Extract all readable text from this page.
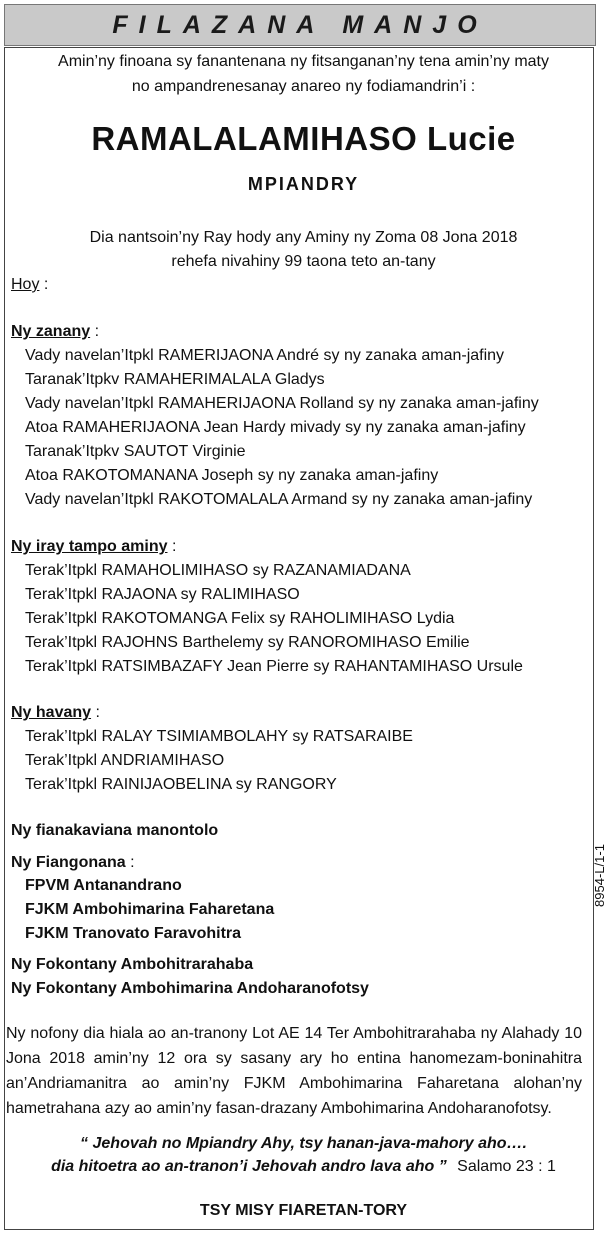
FILAZANA MANJO
Amin’ny finoana sy fanantenana ny fitsanganan’ny tena amin’ny maty
no ampandrenesanay anareo ny fodiamandrin’i :
RAMALALAMIHASO Lucie
MPIANDRY
Dia nantsoin’ny Ray hody any Aminy ny Zoma 08 Jona 2018
rehefa nivahiny 99 taona teto an-tany
Hoy :
Ny zanany :
Vady navelan’Itpkl RAMERIJAONA André sy ny zanaka aman-jafiny
Taranak’Itpkv RAMAHERIMALALA Gladys
Vady navelan’Itpkl RAMAHERIJAONA Rolland sy ny zanaka aman-jafiny
Atoa RAMAHERIJAONA Jean Hardy mivady sy ny zanaka aman-jafiny
Taranak’Itpkv SAUTOT Virginie
Atoa RAKOTOMANANA Joseph sy ny zanaka aman-jafiny
Vady navelan’Itpkl RAKOTOMALALA Armand sy ny zanaka aman-jafiny
Ny iray tampo aminy :
Terak’Itpkl RAMAHOLIMIHASO sy RAZANAMIADANA
Terak’Itpkl RAJAONA sy RALIMIHASO
Terak’Itpkl RAKOTOMANGA Felix sy RAHOLIMIHASO Lydia
Terak’Itpkl RAJOHNS Barthelemy sy RANOROMIHASO Emilie
Terak’Itpkl RATSIMBAZAFY Jean Pierre sy RAHANTAMIHASO Ursule
Ny havany :
Terak’Itpkl RALAY TSIMIAMBOLAHY sy RATSARAIBE
Terak’Itpkl ANDRIAMIHASO
Terak’Itpkl RAINIJAOBELINA sy RANGORY
Ny fianakaviana manontolo
Ny Fiangonana :
FPVM Antanandrano
FJKM Ambohimarina Faharetana
FJKM Tranovato Faravohitra
Ny Fokontany Ambohitrarahaba
Ny Fokontany Ambohimarina Andoharanofotsy
8954-L/1-1
Ny nofony dia hiala ao an-tranony Lot AE 14 Ter Ambohitrarahaba ny Alahady 10 Jona 2018 amin’ny 12 ora sy sasany ary ho entina hanomezam-boninahitra an’Andriamanitra ao amin’ny FJKM Ambohimarina Faharetana alohan’ny hametrahana azy ao amin’ny fasan-drazany Ambohimarina Andoharanofotsy.
“ Jehovah no Mpiandry Ahy, tsy hanan-java-mahory aho….
dia hitoetra ao an-tranon’i Jehovah andro lava aho ” Salamo 23 : 1
TSY MISY FIARETAN-TORY
